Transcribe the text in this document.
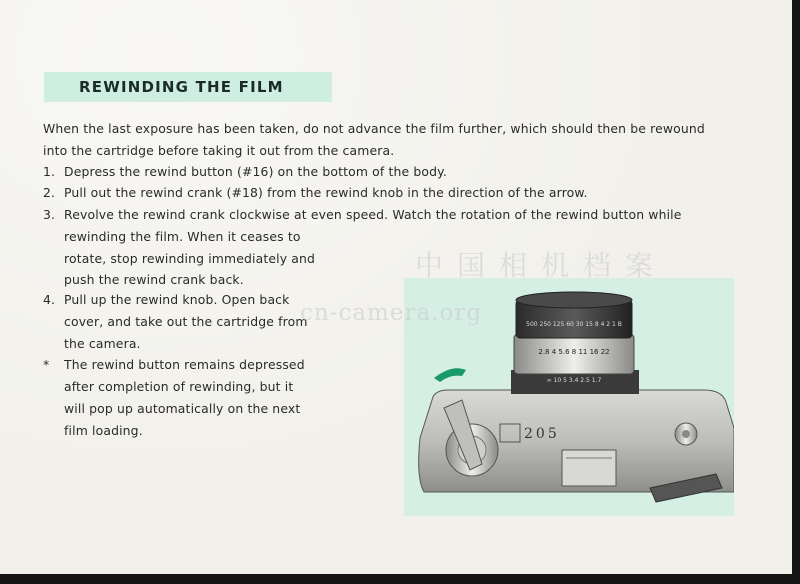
REWINDING THE FILM
When the last exposure has been taken, do not advance the film further, which should then be rewound
into the cartridge before taking it out from the camera.
1. Depress the rewind button (#16) on the bottom of the body.
2. Pull out the rewind crank (#18) from the rewind knob in the direction of the arrow.
3. Revolve the rewind crank clockwise at even speed. Watch the rotation of the rewind button while
rewinding the film. When it ceases to
rotate, stop rewinding immediately and
push the rewind crank back.
4. Pull up the rewind knob. Open back
cover, and take out the cartridge from
the camera.
* The rewind button remains depressed
after completion of rewinding, but it
will pop up automatically on the next
film loading.
500 250 125 60 30 15 8 4 2 1 B
2.8 4 5.6 8 11 16 22
∞ 10 5 3.4 2.5 1.7
205
中国相机档案
cn-camera.org
